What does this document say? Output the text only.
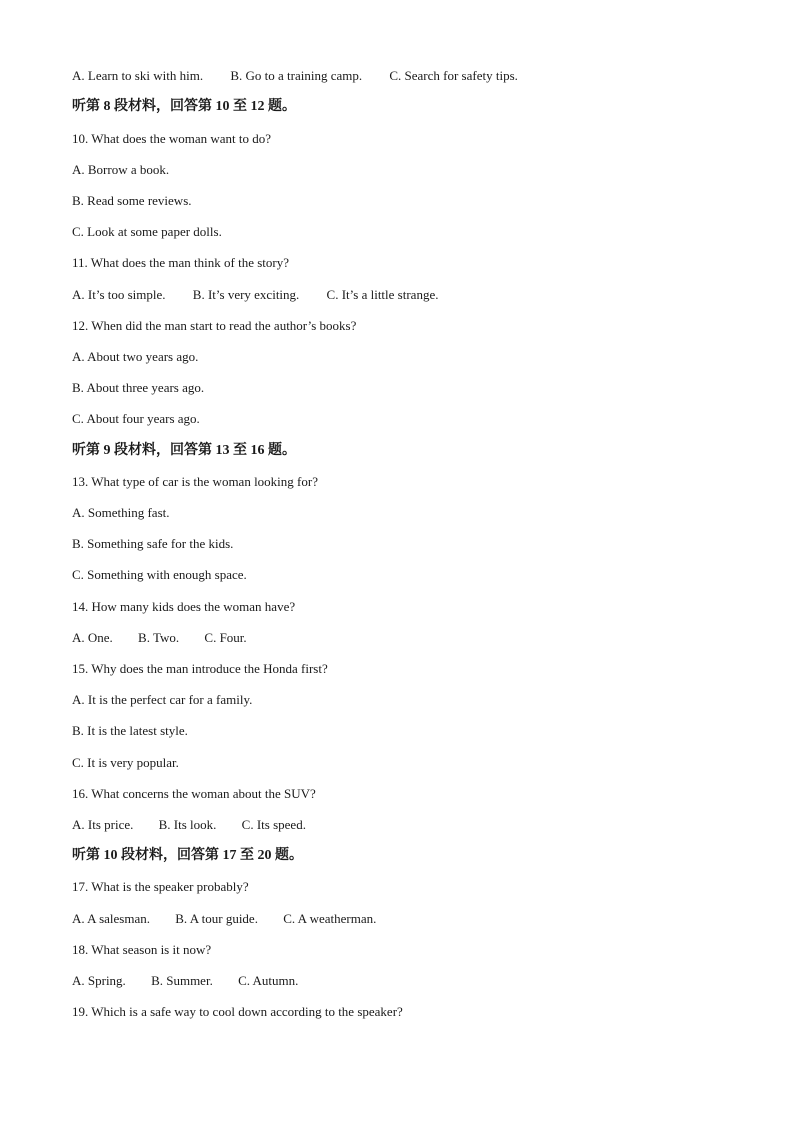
A. Learn to ski with him. B. Go to a training camp. C. Search for safety tips.
听第 8 段材料，回答第 10 至 12 题。
10. What does the woman want to do?
A. Borrow a book.
B. Read some reviews.
C. Look at some paper dolls.
11. What does the man think of the story?
A. It’s too simple. B. It’s very exciting. C. It’s a little strange.
12. When did the man start to read the author’s books?
A. About two years ago.
B. About three years ago.
C. About four years ago.
听第 9 段材料，回答第 13 至 16 题。
13. What type of car is the woman looking for?
A. Something fast.
B. Something safe for the kids.
C. Something with enough space.
14. How many kids does the woman have?
A. One. B. Two. C. Four.
15. Why does the man introduce the Honda first?
A. It is the perfect car for a family.
B. It is the latest style.
C. It is very popular.
16. What concerns the woman about the SUV?
A. Its price. B. Its look. C. Its speed.
听第 10 段材料，回答第 17 至 20 题。
17. What is the speaker probably?
A. A salesman. B. A tour guide. C. A weatherman.
18. What season is it now?
A. Spring. B. Summer. C. Autumn.
19. Which is a safe way to cool down according to the speaker?
